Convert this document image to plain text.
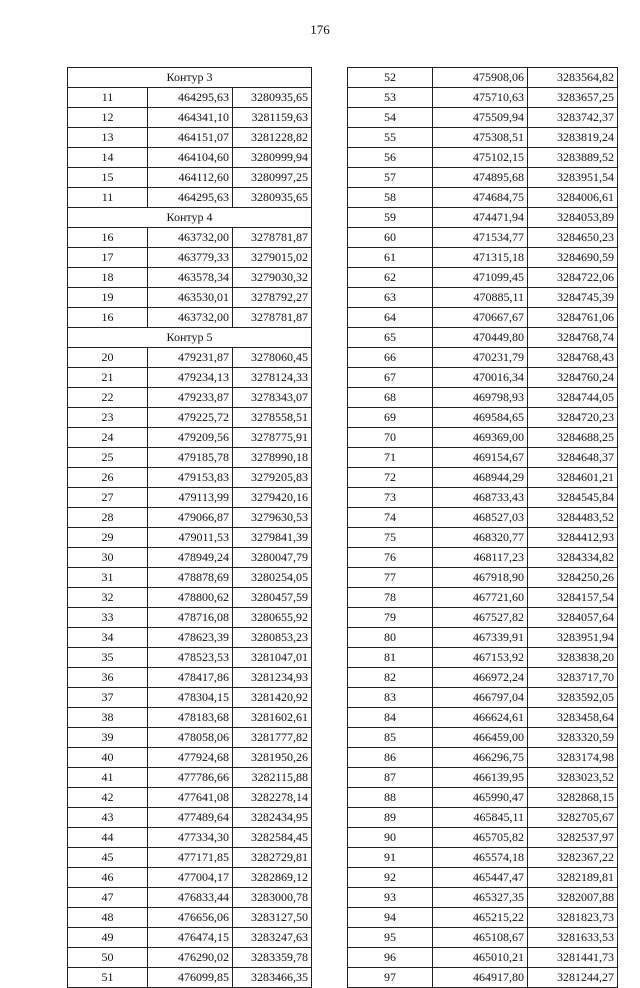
176
Контур 3		
11	464295,63	3280935,65
12	464341,10	3281159,63
13	464151,07	3281228,82
14	464104,60	3280999,94
15	464112,60	3280997,25
11	464295,63	3280935,65
Контур 4		
16	463732,00	3278781,87
17	463779,33	3279015,02
18	463578,34	3279030,32
19	463530,01	3278792,27
16	463732,00	3278781,87
Контур 5		
20	479231,87	3278060,45
21	479234,13	3278124,33
22	479233,87	3278343,07
23	479225,72	3278558,51
24	479209,56	3278775,91
25	479185,78	3278990,18
26	479153,83	3279205,83
27	479113,99	3279420,16
28	479066,87	3279630,53
29	479011,53	3279841,39
30	478949,24	3280047,79
31	478878,69	3280254,05
32	478800,62	3280457,59
33	478716,08	3280655,92
34	478623,39	3280853,23
35	478523,53	3281047,01
36	478417,86	3281234,93
37	478304,15	3281420,92
38	478183,68	3281602,61
39	478058,06	3281777,82
40	477924,68	3281950,26
41	477786,66	3282115,88
42	477641,08	3282278,14
43	477489,64	3282434,95
44	477334,30	3282584,45
45	477171,85	3282729,81
46	477004,17	3282869,12
47	476833,44	3283000,78
48	476656,06	3283127,50
49	476474,15	3283247,63
50	476290,02	3283359,78
51	476099,85	3283466,35
52	475908,06	3283564,82
53	475710,63	3283657,25
54	475509,94	3283742,37
55	475308,51	3283819,24
56	475102,15	3283889,52
57	474895,68	3283951,54
58	474684,75	3284006,61
59	474471,94	3284053,89
60	471534,77	3284650,23
61	471315,18	3284690,59
62	471099,45	3284722,06
63	470885,11	3284745,39
64	470667,67	3284761,06
65	470449,80	3284768,74
66	470231,79	3284768,43
67	470016,34	3284760,24
68	469798,93	3284744,05
69	469584,65	3284720,23
70	469369,00	3284688,25
71	469154,67	3284648,37
72	468944,29	3284601,21
73	468733,43	3284545,84
74	468527,03	3284483,52
75	468320,77	3284412,93
76	468117,23	3284334,82
77	467918,90	3284250,26
78	467721,60	3284157,54
79	467527,82	3284057,64
80	467339,91	3283951,94
81	467153,92	3283838,20
82	466972,24	3283717,70
83	466797,04	3283592,05
84	466624,61	3283458,64
85	466459,00	3283320,59
86	466296,75	3283174,98
87	466139,95	3283023,52
88	465990,47	3282868,15
89	465845,11	3282705,67
90	465705,82	3282537,97
91	465574,18	3282367,22
92	465447,47	3282189,81
93	465327,35	3282007,88
94	465215,22	3281823,73
95	465108,67	3281633,53
96	465010,21	3281441,73
97	464917,80	3281244,27
